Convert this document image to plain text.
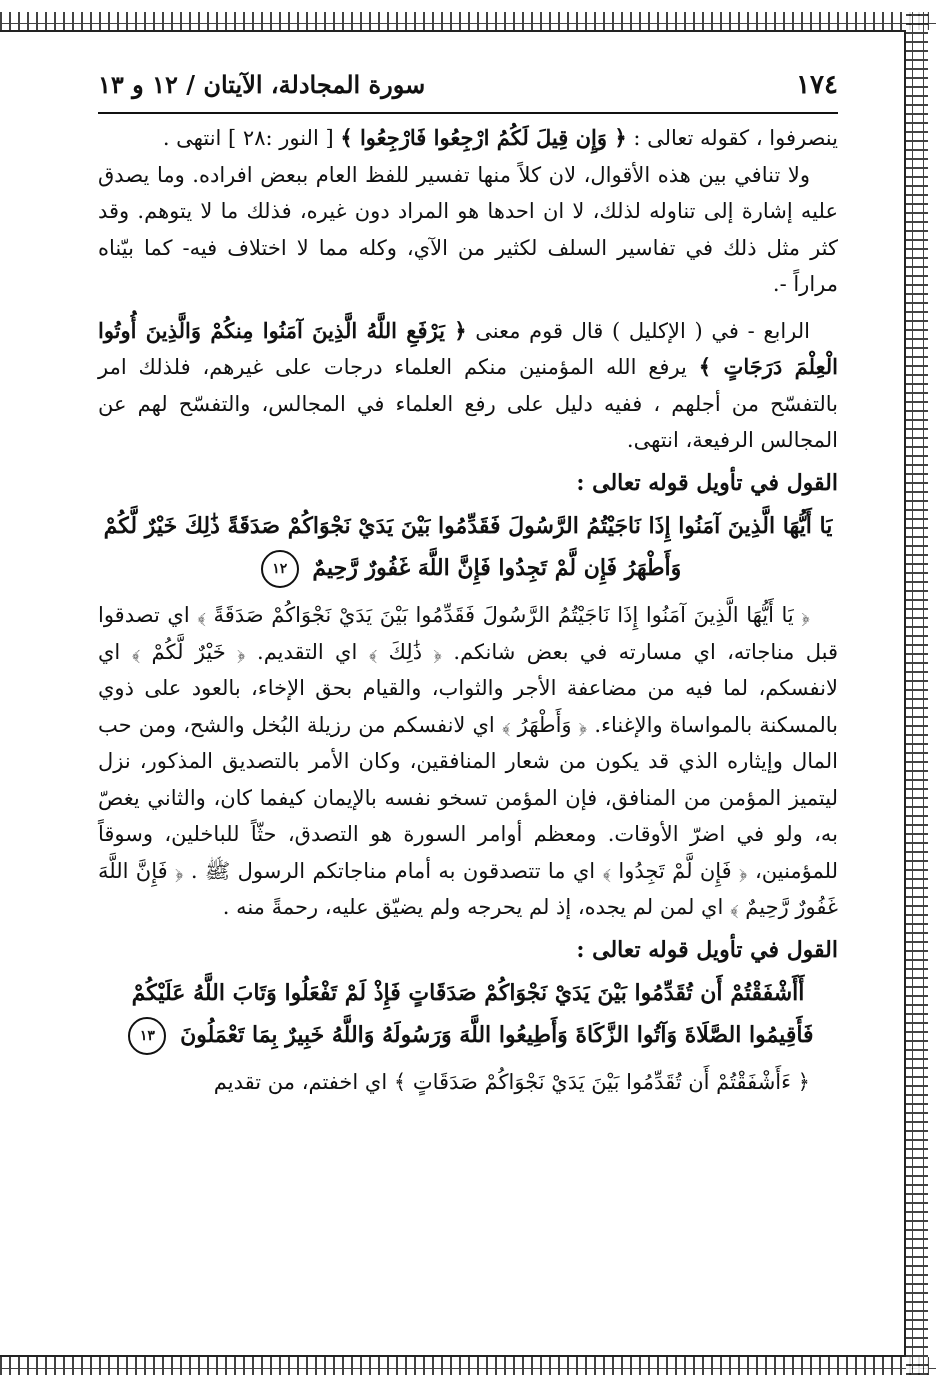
١٧٤
سورة المجادلة، الآيتان / ١٢ و ١٣

ينصرفوا ، كقوله تعالى : ﴿ وَإِن قِيلَ لَكُمُ ارْجِعُوا فَارْجِعُوا ﴾ [ النور :٢٨ ] انتهى .

ولا تنافي بين هذه الأقوال، لان كلاً منها تفسير للفظ العام ببعض افراده. وما يصدق عليه إشارة إلى تناوله لذلك، لا ان احدها هو المراد دون غيره، فذلك ما لا يتوهم. وقد كثر مثل ذلك في تفاسير السلف لكثير من الآي، وكله مما لا اختلاف فيه- كما بيّناه مراراً -.

الرابع - في ( الإكليل ) قال قوم معنى ﴿ يَرْفَعِ اللَّهُ الَّذِينَ آمَنُوا مِنكُمْ وَالَّذِينَ أُوتُوا الْعِلْمَ دَرَجَاتٍ ﴾ يرفع الله المؤمنين منكم العلماء درجات على غيرهم، فلذلك امر بالتفسّح من أجلهم ، ففيه دليل على رفع العلماء في المجالس، والتفسّح لهم عن المجالس الرفيعة، انتهى.

القول في تأويل قوله تعالى :

يَا أَيُّهَا الَّذِينَ آمَنُوا إِذَا نَاجَيْتُمُ الرَّسُولَ فَقَدِّمُوا بَيْنَ يَدَيْ نَجْوَاكُمْ صَدَقَةً ذَٰلِكَ خَيْرٌ لَّكُمْ وَأَطْهَرُ فَإِن لَّمْ تَجِدُوا فَإِنَّ اللَّهَ غَفُورٌ رَّحِيمٌ ١٢

﴿ يَا أَيُّهَا الَّذِينَ آمَنُوا إِذَا نَاجَيْتُمُ الرَّسُولَ فَقَدِّمُوا بَيْنَ يَدَيْ نَجْوَاكُمْ صَدَقَةً ﴾ اي تصدقوا قبل مناجاته، اي مسارته في بعض شانكم. ﴿ ذَٰلِكَ ﴾ اي التقديم. ﴿ خَيْرٌ لَّكُمْ ﴾ اي لانفسكم، لما فيه من مضاعفة الأجر والثواب، والقيام بحق الإخاء، بالعود على ذوي بالمسكنة بالمواساة والإغناء. ﴿ وَأَطْهَرُ ﴾ اي لانفسكم من رزيلة البُخل والشح، ومن حب المال وإيثاره الذي قد يكون من شعار المنافقين، وكان الأمر بالتصديق المذكور، نزل ليتميز المؤمن من المنافق، فإن المؤمن تسخو نفسه بالإيمان كيفما كان، والثاني يغصّ به، ولو في اضرّ الأوقات. ومعظم أوامر السورة هو التصدق، حثّاً للباخلين، وسوقاً للمؤمنين، ﴿ فَإِن لَّمْ تَجِدُوا ﴾ اي ما تتصدقون به أمام مناجاتكم الرسول ﷺ . ﴿ فَإِنَّ اللَّهَ غَفُورٌ رَّحِيمٌ ﴾ اي لمن لم يجده، إذ لم يحرجه ولم يضيّق عليه، رحمةً منه .

القول في تأويل قوله تعالى :

أَأَشْفَقْتُمْ أَن تُقَدِّمُوا بَيْنَ يَدَيْ نَجْوَاكُمْ صَدَقَاتٍ فَإِذْ لَمْ تَفْعَلُوا وَتَابَ اللَّهُ عَلَيْكُمْ فَأَقِيمُوا الصَّلَاةَ وَآتُوا الزَّكَاةَ وَأَطِيعُوا اللَّهَ وَرَسُولَهُ وَاللَّهُ خَبِيرٌ بِمَا تَعْمَلُونَ ١٣

﴿ ءَأَشْفَقْتُمْ أَن تُقَدِّمُوا بَيْنَ يَدَيْ نَجْوَاكُمْ صَدَقَاتٍ ﴾ اي اخفتم، من تقديم
